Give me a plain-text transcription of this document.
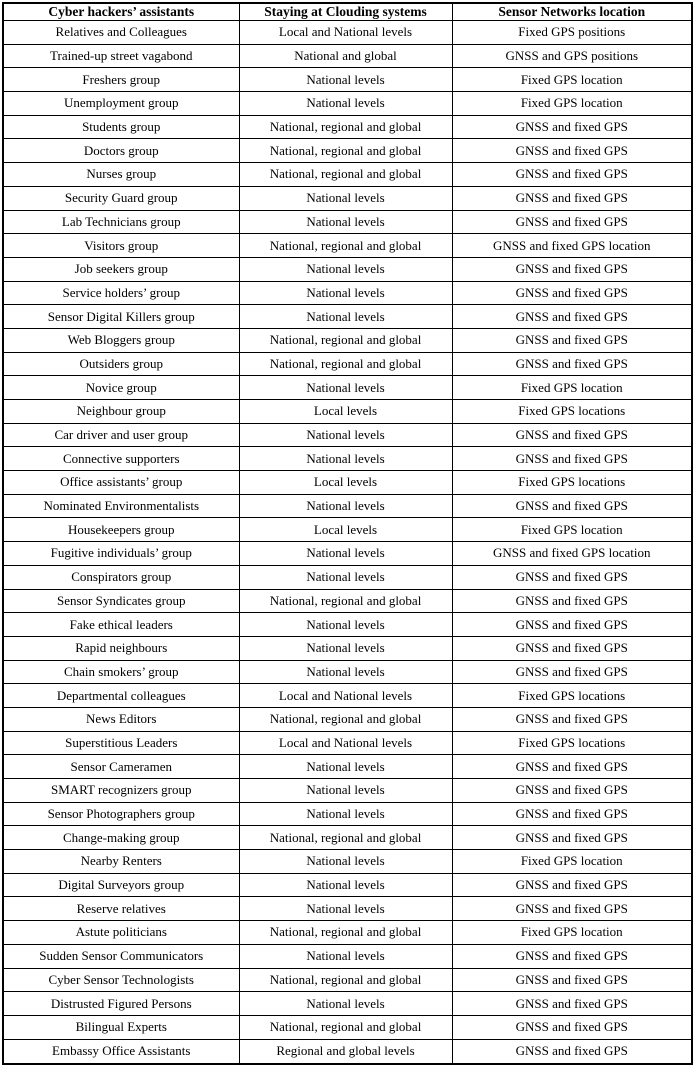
Cyber hackers’ assistants	Staying at Clouding systems	Sensor Networks location
Relatives and Colleagues	Local and National levels	Fixed GPS positions
Trained-up street vagabond	National and global	GNSS and GPS positions
Freshers group	National levels	Fixed GPS location
Unemployment group	National levels	Fixed GPS location
Students group	National, regional and global	GNSS and fixed GPS
Doctors group	National, regional and global	GNSS and fixed GPS
Nurses group	National, regional and global	GNSS and fixed GPS
Security Guard group	National levels	GNSS and fixed GPS
Lab Technicians group	National levels	GNSS and fixed GPS
Visitors group	National, regional and global	GNSS and fixed GPS location
Job seekers group	National levels	GNSS and fixed GPS
Service holders’ group	National levels	GNSS and fixed GPS
Sensor Digital Killers group	National levels	GNSS and fixed GPS
Web Bloggers group	National, regional and global	GNSS and fixed GPS
Outsiders group	National, regional and global	GNSS and fixed GPS
Novice group	National levels	Fixed GPS location
Neighbour group	Local levels	Fixed GPS locations
Car driver and user group	National levels	GNSS and fixed GPS
Connective supporters	National levels	GNSS and fixed GPS
Office assistants’ group	Local levels	Fixed GPS locations
Nominated Environmentalists	National levels	GNSS and fixed GPS
Housekeepers group	Local levels	Fixed GPS location
Fugitive individuals’ group	National levels	GNSS and fixed GPS location
Conspirators group	National levels	GNSS and fixed GPS
Sensor Syndicates group	National, regional and global	GNSS and fixed GPS
Fake ethical leaders	National levels	GNSS and fixed GPS
Rapid neighbours	National levels	GNSS and fixed GPS
Chain smokers’ group	National levels	GNSS and fixed GPS
Departmental colleagues	Local and National levels	Fixed GPS locations
News Editors	National, regional and global	GNSS and fixed GPS
Superstitious Leaders	Local and National levels	Fixed GPS locations
Sensor Cameramen	National levels	GNSS and fixed GPS
SMART recognizers group	National levels	GNSS and fixed GPS
Sensor Photographers group	National levels	GNSS and fixed GPS
Change-making group	National, regional and global	GNSS and fixed GPS
Nearby Renters	National levels	Fixed GPS location
Digital Surveyors group	National levels	GNSS and fixed GPS
Reserve relatives	National levels	GNSS and fixed GPS
Astute politicians	National, regional and global	Fixed GPS location
Sudden Sensor Communicators	National levels	GNSS and fixed GPS
Cyber Sensor Technologists	National, regional and global	GNSS and fixed GPS
Distrusted Figured Persons	National levels	GNSS and fixed GPS
Bilingual Experts	National, regional and global	GNSS and fixed GPS
Embassy Office Assistants	Regional and global levels	GNSS and fixed GPS
